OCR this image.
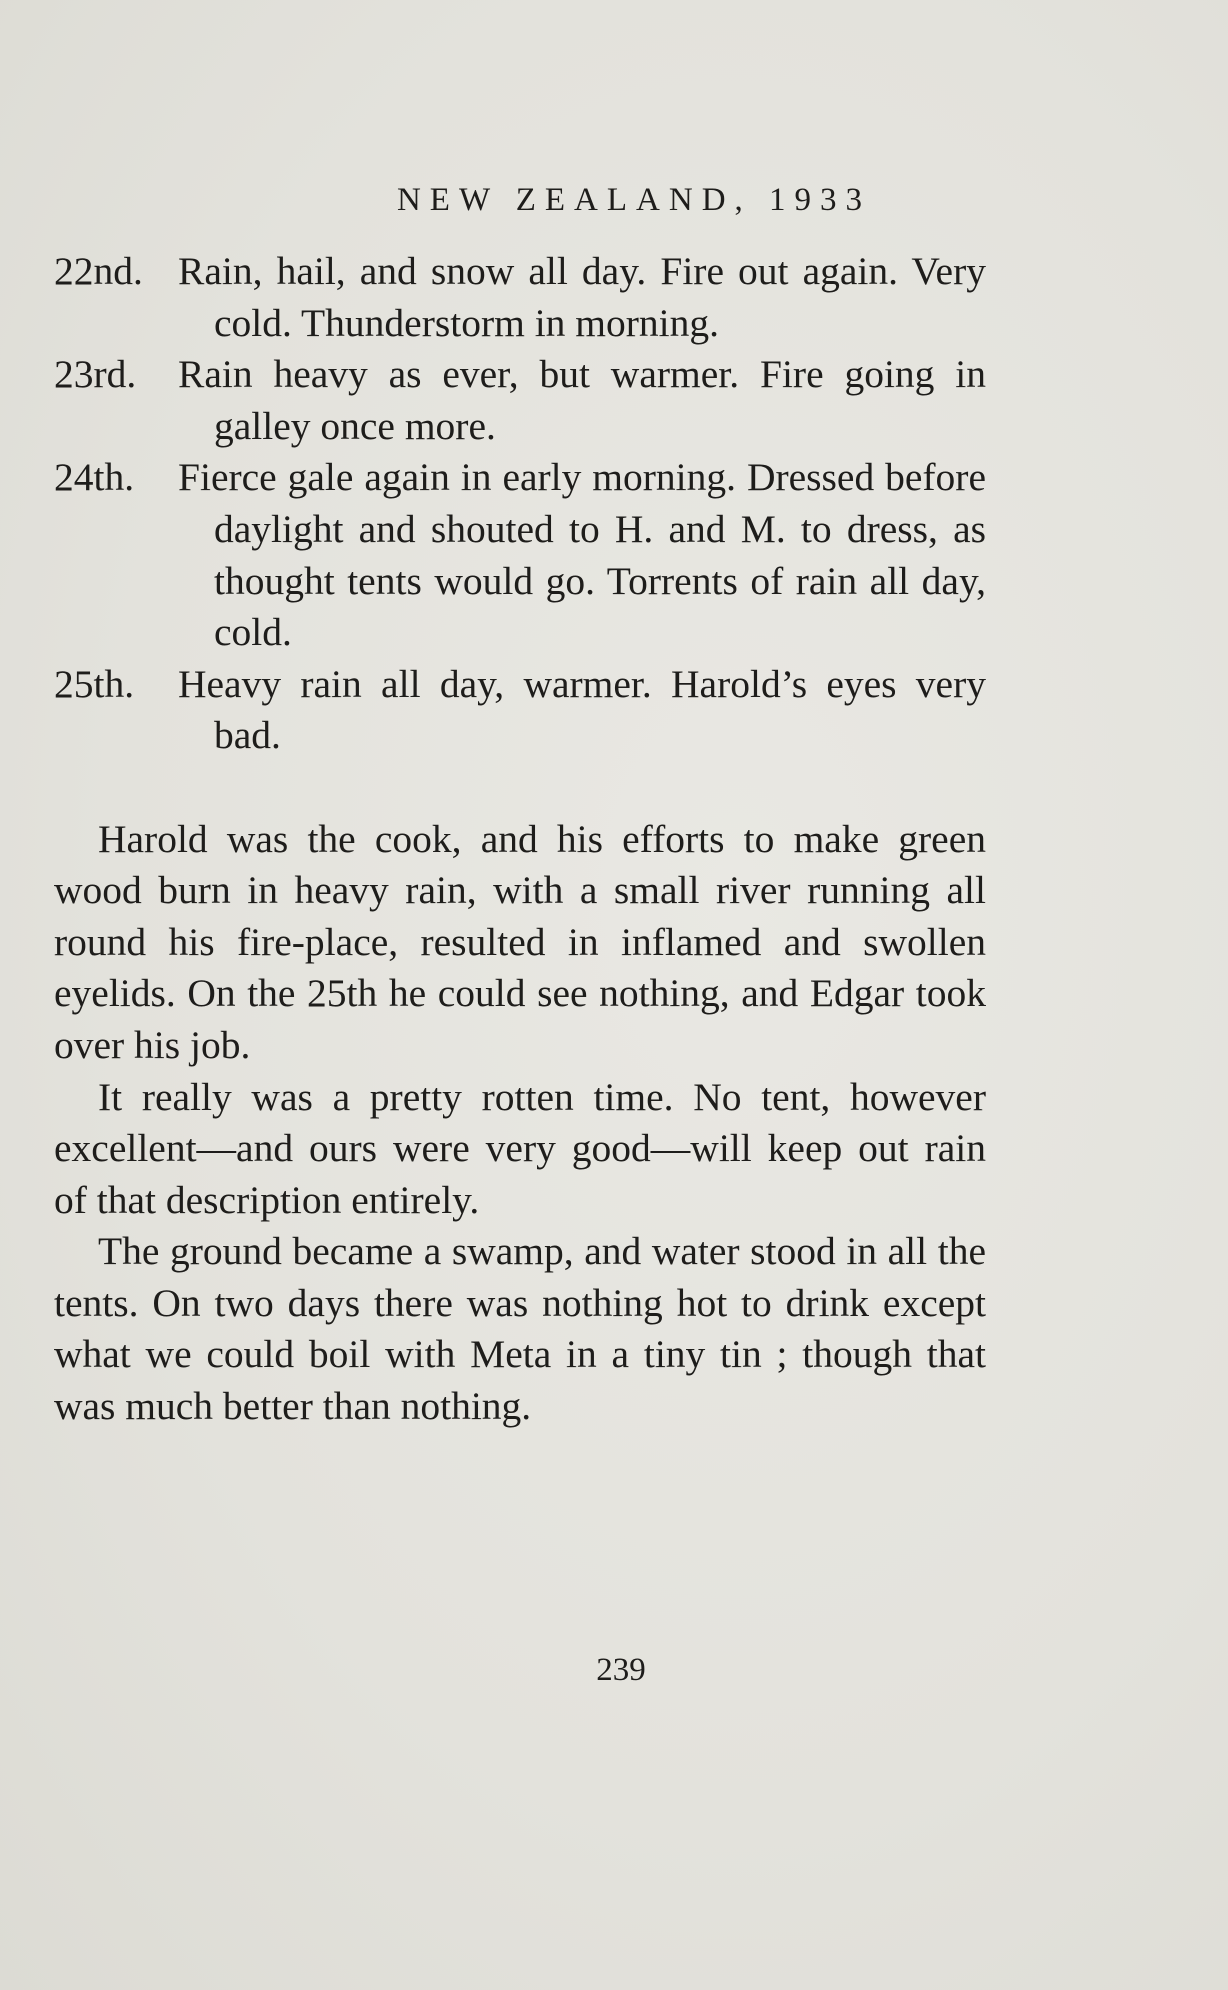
NEW ZEALAND, 1933
22nd. Rain, hail, and snow all day. Fire out again. Very cold. Thunderstorm in morning.
23rd.	Rain heavy as ever, but warmer. Fire going in galley once more.
24th.	Fierce gale again in early morning. Dressed before daylight and shouted to H. and M. to dress, as thought tents would go. Torrents of rain all day, cold.
25th.	Heavy rain all day, warmer. Harold’s eyes very bad.

Harold was the cook, and his efforts to make green wood burn in heavy rain, with a small river running all round his fire-place, resulted in inflamed and swollen eyelids. On the 25th he could see nothing, and Edgar took over his job.

It really was a pretty rotten time. No tent, however excellent—and ours were very good—will keep out rain of that description entirely.

The ground became a swamp, and water stood in all the tents. On two days there was nothing hot to drink except what we could boil with Meta in a tiny tin ; though that was much better than nothing.

239
